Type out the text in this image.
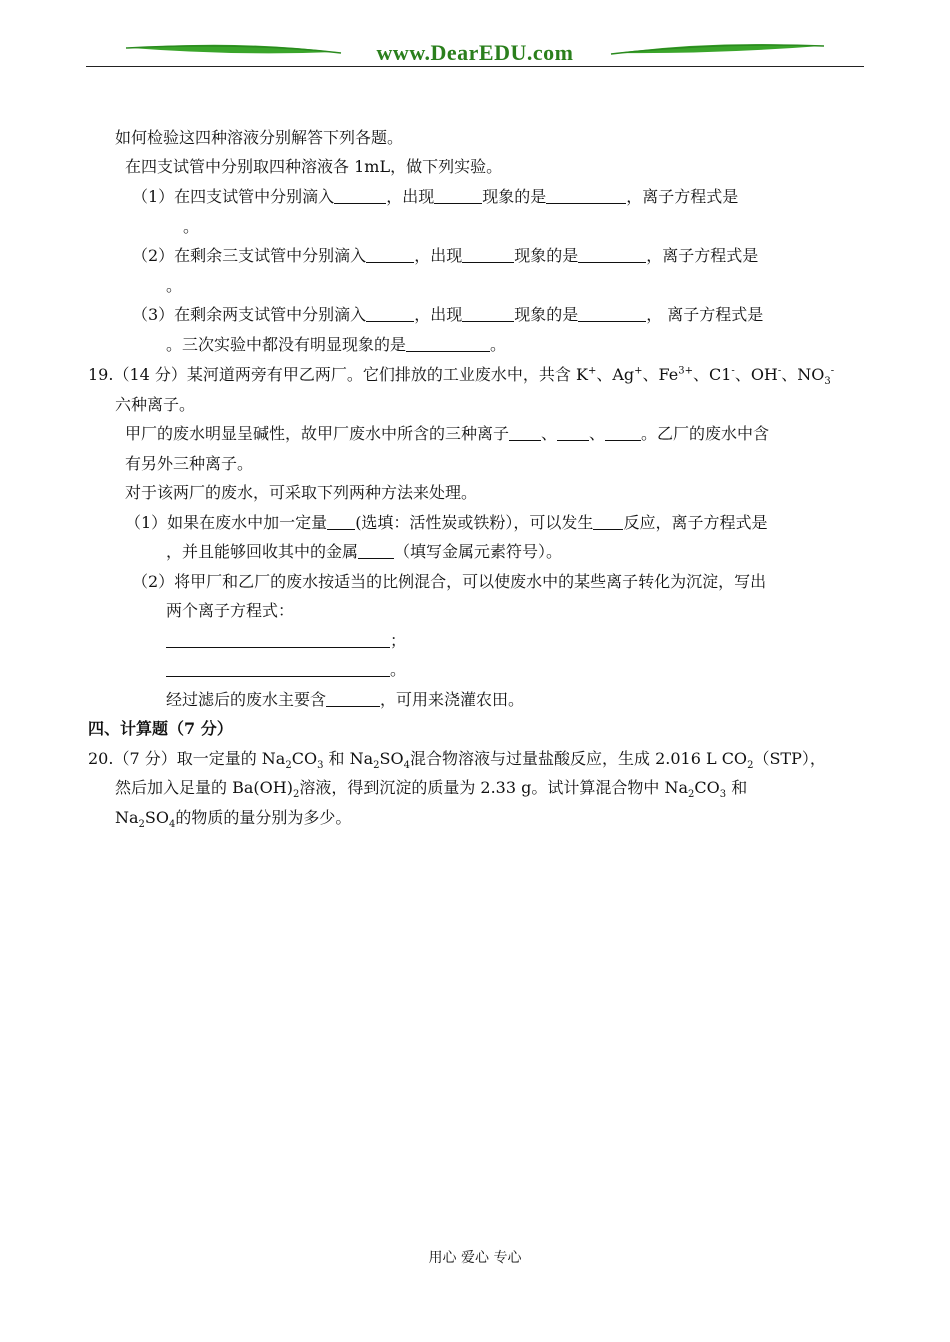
www.DearEDU.com
如何检验这四种溶液分别解答下列各题。
在四支试管中分别取四种溶液各 1mL，做下列实验。
（1）在四支试管中分别滴入	，出现	现象的是	，离子方程式是
。
（2）在剩余三支试管中分别滴入	，出现	现象的是	，离子方程式是
。
（3）在剩余两支试管中分别滴入	，出现	现象的是	， 离子方程式是
。三次实验中都没有明显现象的是	。
19.（14 分）某河道两旁有甲乙两厂。它们排放的工业废水中，共含 K+、Ag+、$Fe^{3+}$、C1-、OH-、$NO_3^-$
六种离子。
甲厂的废水明显呈碱性，故甲厂废水中所含的三种离子 、 、 。乙厂的废水中含
有另外三种离子。
对于该两厂的废水，可采取下列两种方法来处理。
（1）如果在废水中加一定量 (选填：活性炭或铁粉），可以发生 反应，离子方程式是
，并且能够回收其中的金属 （填写金属元素符号）。
（2）将甲厂和乙厂的废水按适当的比例混合，可以使废水中的某些离子转化为沉淀，写出
两个离子方程式：
；
。
经过滤后的废水主要含	，可用来浇灌农田。
四、计算题（7 分）
20.（7 分）取一定量的 $Na_2CO_3$ 和 $Na_2SO_4$混合物溶液与过量盐酸反应，生成 2.016 L $CO_2(STP)$，
然后加入足量的 $Ba(OH)_2$溶液，得到沉淀的质量为 2.33 g。试计算混合物中 $Na_2CO_3$ 和
$Na_2SO_4$的物质的量分别为多少。
用心 爱心 专心
